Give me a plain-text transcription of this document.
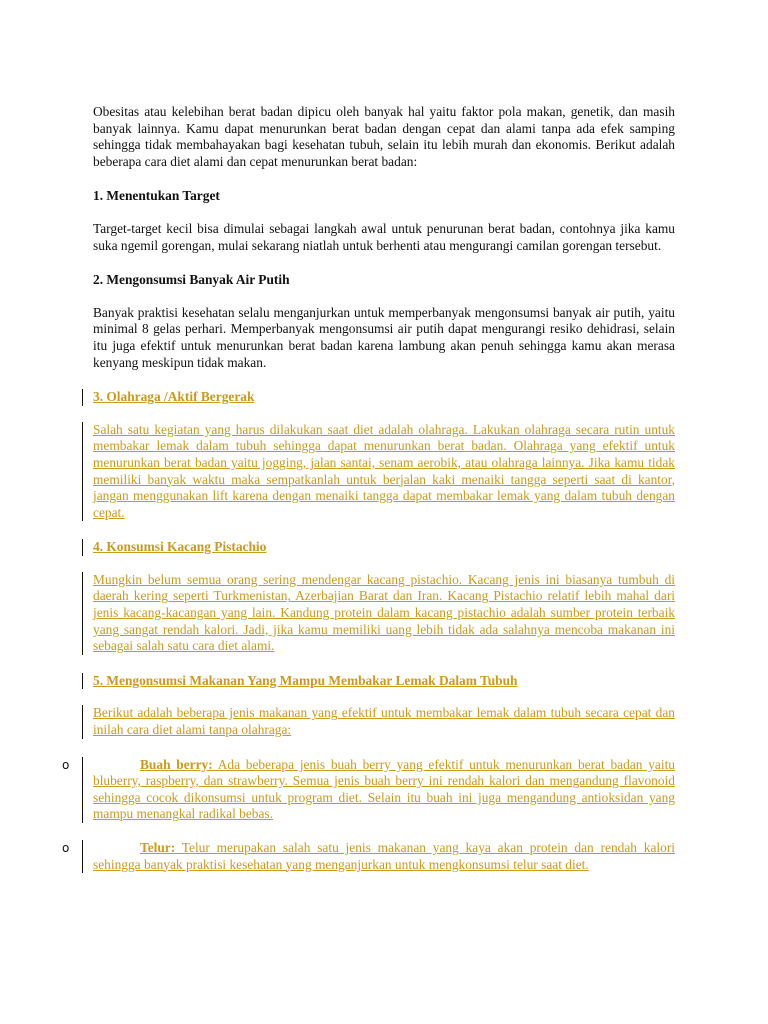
Obesitas atau kelebihan berat badan dipicu oleh banyak hal yaitu faktor pola makan, genetik, dan masih banyak lainnya. Kamu dapat menurunkan berat badan dengan cepat dan alami tanpa ada efek samping sehingga tidak membahayakan bagi kesehatan tubuh, selain itu lebih murah dan ekonomis. Berikut adalah beberapa cara diet alami dan cepat menurunkan berat badan:

1. Menentukan Target

Target-target kecil bisa dimulai sebagai langkah awal untuk penurunan berat badan, contohnya jika kamu suka ngemil gorengan, mulai sekarang niatlah untuk berhenti atau mengurangi camilan gorengan tersebut.

2. Mengonsumsi Banyak Air Putih

Banyak praktisi kesehatan selalu menganjurkan untuk memperbanyak mengonsumsi banyak air putih, yaitu minimal 8 gelas perhari. Memperbanyak mengonsumsi air putih dapat mengurangi resiko dehidrasi, selain itu juga efektif untuk menurunkan berat badan karena lambung akan penuh sehingga kamu akan merasa kenyang meskipun tidak makan.

3. Olahraga /Aktif Bergerak

Salah satu kegiatan yang harus dilakukan saat diet adalah olahraga. Lakukan olahraga secara rutin untuk membakar lemak dalam tubuh sehingga dapat menurunkan berat badan. Olahraga yang efektif untuk menurunkan berat badan yaitu jogging, jalan santai, senam aerobik, atau olahraga lainnya. Jika kamu tidak memiliki banyak waktu maka sempatkanlah untuk berjalan kaki menaiki tangga seperti saat di kantor, jangan menggunakan lift karena dengan menaiki tangga dapat membakar lemak yang dalam tubuh dengan cepat.

4. Konsumsi Kacang Pistachio

Mungkin belum semua orang sering mendengar kacang pistachio. Kacang jenis ini biasanya tumbuh di daerah kering seperti Turkmenistan, Azerbajian Barat dan Iran. Kacang Pistachio relatif lebih mahal dari jenis kacang-kacangan yang lain. Kandung protein dalam kacang pistachio adalah sumber protein terbaik yang sangat rendah kalori. Jadi, jika kamu memiliki uang lebih tidak ada salahnya mencoba makanan ini sebagai salah satu cara diet alami.

5. Mengonsumsi Makanan Yang Mampu Membakar Lemak Dalam Tubuh

Berikut adalah beberapa jenis makanan yang efektif untuk membakar lemak dalam tubuh secara cepat dan inilah cara diet alami tanpa olahraga:

o	Buah berry: Ada beberapa jenis buah berry yang efektif untuk menurunkan berat badan yaitu bluberry, raspberry, dan strawberry. Semua jenis buah berry ini rendah kalori dan mengandung flavonoid sehingga cocok dikonsumsi untuk program diet. Selain itu buah ini juga mengandung antioksidan yang mampu menangkal radikal bebas.

o	Telur: Telur merupakan salah satu jenis makanan yang kaya akan protein dan rendah kalori sehingga banyak praktisi kesehatan yang menganjurkan untuk mengkonsumsi telur saat diet.
